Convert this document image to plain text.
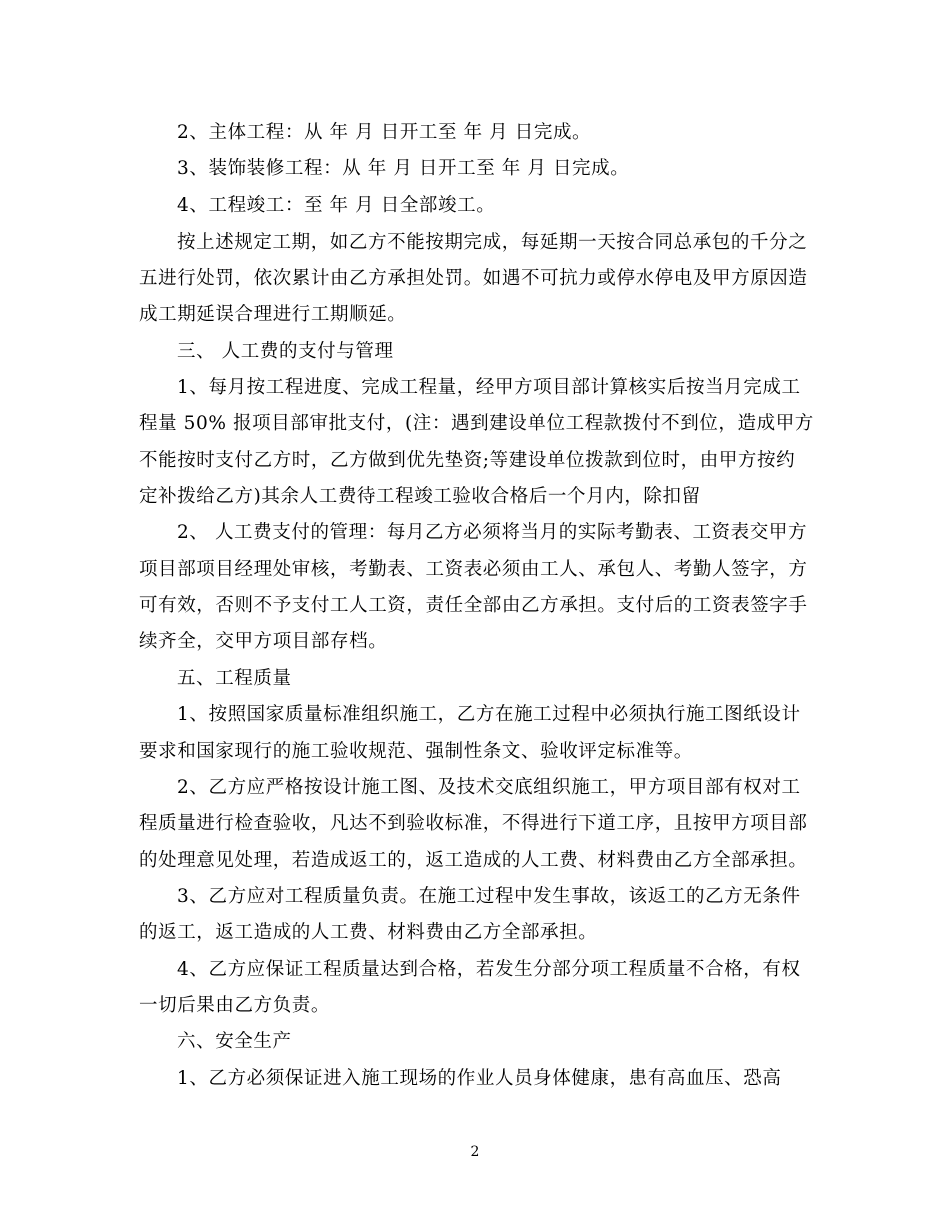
2、主体工程：从 年 月 日开工至 年 月 日完成。
3、装饰装修工程：从 年 月 日开工至 年 月 日完成。
4、工程竣工：至 年 月 日全部竣工。
按上述规定工期，如乙方不能按期完成，每延期一天按合同总承包的千分之
五进行处罚，依次累计由乙方承担处罚。如遇不可抗力或停水停电及甲方原因造
成工期延误合理进行工期顺延。
三、 人工费的支付与管理
1、每月按工程进度、完成工程量，经甲方项目部计算核实后按当月完成工
程量 50% 报项目部审批支付，(注：遇到建设单位工程款拨付不到位，造成甲方
不能按时支付乙方时，乙方做到优先垫资;等建设单位拨款到位时，由甲方按约
定补拨给乙方)其余人工费待工程竣工验收合格后一个月内，除扣留
2、 人工费支付的管理：每月乙方必须将当月的实际考勤表、工资表交甲方
项目部项目经理处审核，考勤表、工资表必须由工人、承包人、考勤人签字，方
可有效，否则不予支付工人工资，责任全部由乙方承担。支付后的工资表签字手
续齐全，交甲方项目部存档。
五、工程质量
1、按照国家质量标准组织施工，乙方在施工过程中必须执行施工图纸设计
要求和国家现行的施工验收规范、强制性条文、验收评定标准等。
2、乙方应严格按设计施工图、及技术交底组织施工，甲方项目部有权对工
程质量进行检查验收，凡达不到验收标准，不得进行下道工序，且按甲方项目部
的处理意见处理，若造成返工的，返工造成的人工费、材料费由乙方全部承担。
3、乙方应对工程质量负责。在施工过程中发生事故，该返工的乙方无条件
的返工，返工造成的人工费、材料费由乙方全部承担。
4、乙方应保证工程质量达到合格，若发生分部分项工程质量不合格，有权
一切后果由乙方负责。
六、安全生产
1、乙方必须保证进入施工现场的作业人员身体健康，患有高血压、恐高
2
